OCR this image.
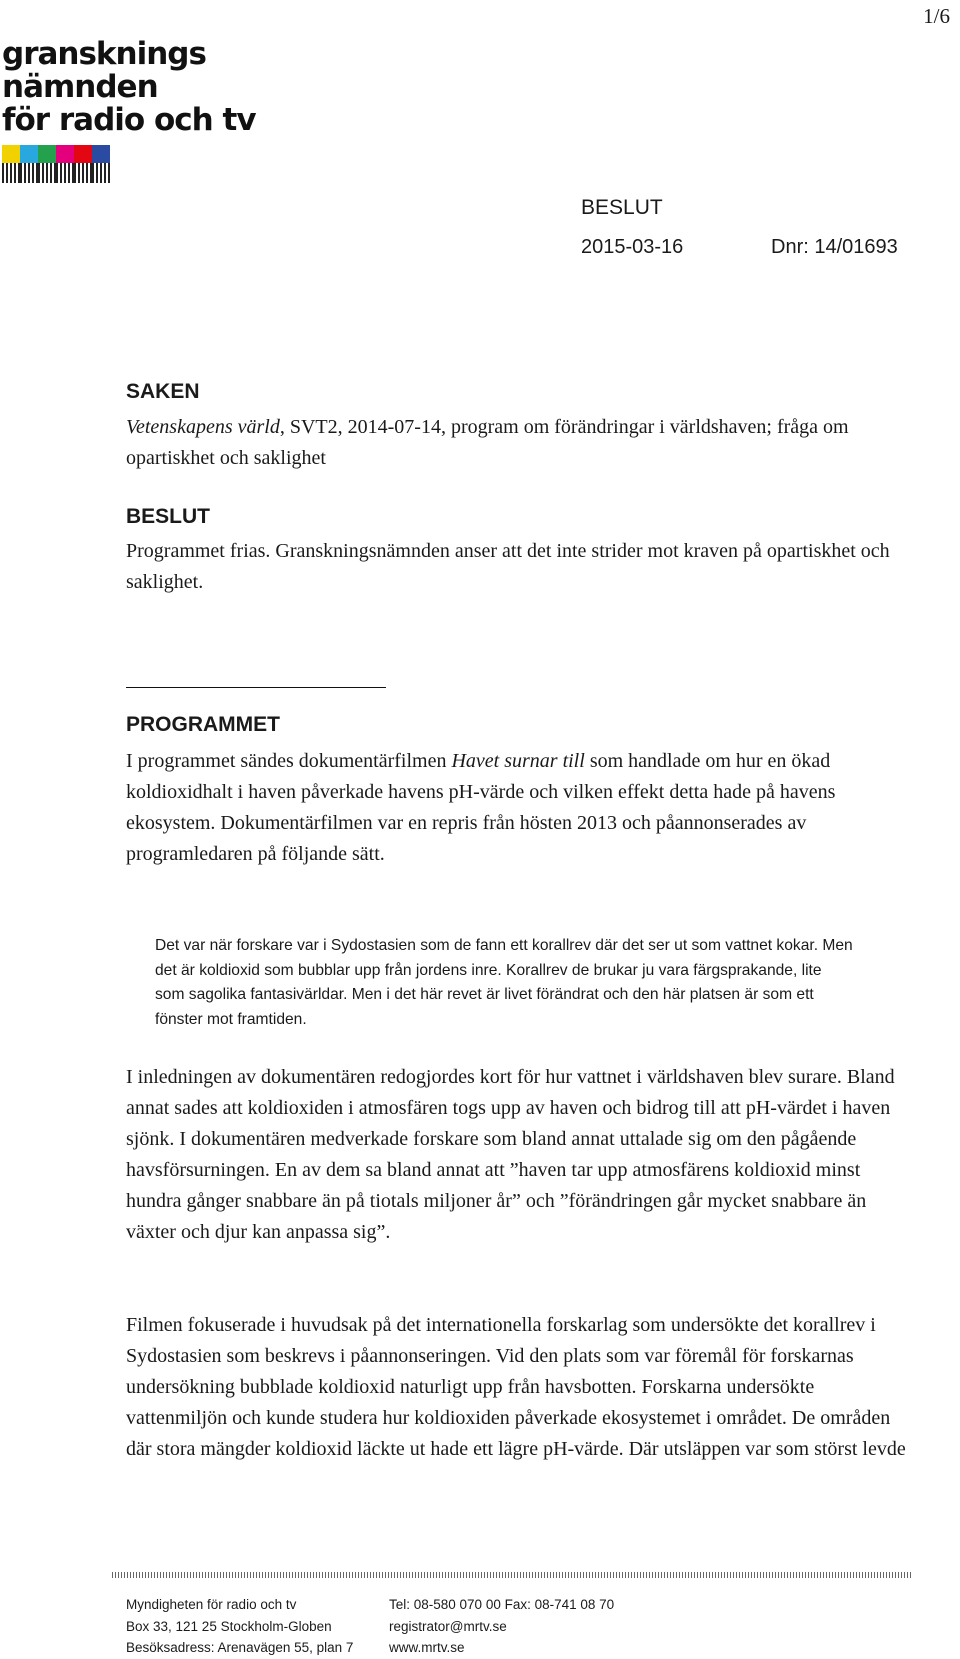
1/6
gransknings
nämnden
för radio och tv
BESLUT
2015-03-16	Dnr: 14/01693
SAKEN

Vetenskapens värld, SVT2, 2014-07-14, program om förändringar i världshaven; fråga om opartiskhet och saklighet

BESLUT

Programmet frias. Granskningsnämnden anser att det inte strider mot kraven på opartiskhet och saklighet.

PROGRAMMET

I programmet sändes dokumentärfilmen Havet surnar till som handlade om hur en ökad koldioxidhalt i haven påverkade havens pH-värde och vilken effekt detta hade på havens ekosystem. Dokumentärfilmen var en repris från hösten 2013 och påannonserades av programledaren på följande sätt.

Det var när forskare var i Sydostasien som de fann ett korallrev där det ser ut som vattnet kokar. Men det är koldioxid som bubblar upp från jordens inre. Korallrev de brukar ju vara färgsprakande, lite som sagolika fantasivärldar. Men i det här revet är livet förändrat och den här platsen är som ett fönster mot framtiden.

I inledningen av dokumentären redogjordes kort för hur vattnet i världshaven blev surare. Bland annat sades att koldioxiden i atmosfären togs upp av haven och bidrog till att pH-värdet i haven sjönk. I dokumentären medverkade forskare som bland annat uttalade sig om den pågående havsförsurningen. En av dem sa bland annat att ”haven tar upp atmosfärens koldioxid minst hundra gånger snabbare än på tiotals miljoner år” och ”förändringen går mycket snabbare än växter och djur kan anpassa sig”.

Filmen fokuserade i huvudsak på det internationella forskarlag som undersökte det korallrev i Sydostasien som beskrevs i påannonseringen. Vid den plats som var föremål för forskarnas undersökning bubblade koldioxid naturligt upp från havsbotten. Forskarna undersökte vattenmiljön och kunde studera hur koldioxiden påverkade ekosystemet i området. De områden där stora mängder koldioxid läckte ut hade ett lägre pH-värde. Där utsläppen var som störst levde

Myndigheten för radio och tv
Box 33, 121 25 Stockholm-Globen
Besöksadress: Arenavägen 55, plan 7
Tel: 08-580 070 00 Fax: 08-741 08 70
registrator@mrtv.se
www.mrtv.se
